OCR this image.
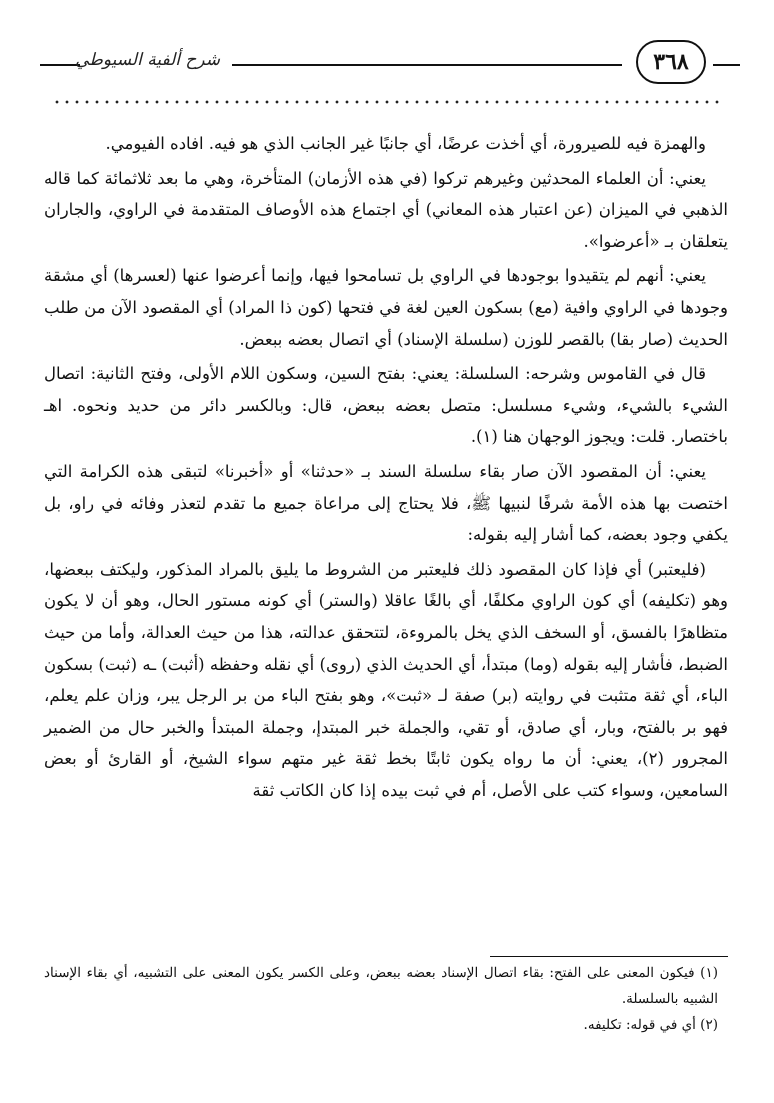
شرح ألفية السيوطي	٣٦٨

والهمزة فيه للصيرورة، أي أخذت عرضًا، أي جانبًا غير الجانب الذي هو فيه. افاده الفيومي.

يعني: أن العلماء المحدثين وغيرهم تركوا (في هذه الأزمان) المتأخرة، وهي ما بعد ثلاثمائة كما قاله الذهبي في الميزان (عن اعتبار هذه المعاني) أي اجتماع هذه الأوصاف المتقدمة في الراوي، والجاران يتعلقان بـ «أعرضوا».

يعني: أنهم لم يتقيدوا بوجودها في الراوي بل تسامحوا فيها، وإنما أعرضوا عنها (لعسرها) أي مشقة وجودها في الراوي وافية (مع) بسكون العين لغة في فتحها (كون ذا المراد) أي المقصود الآن من طلب الحديث (صار بقا) بالقصر للوزن (سلسلة الإسناد) أي اتصال بعضه ببعض.

قال في القاموس وشرحه: السلسلة: يعني: بفتح السين، وسكون اللام الأولى، وفتح الثانية: اتصال الشيء بالشيء، وشيء مسلسل: متصل بعضه ببعض، قال: وبالكسر دائر من حديد ونحوه. اهـ باختصار. قلت: ويجوز الوجهان هنا (١).

يعني: أن المقصود الآن صار بقاء سلسلة السند بـ «حدثنا» أو «أخبرنا» لتبقى هذه الكرامة التي اختصت بها هذه الأمة شرفًا لنبيها ﷺ، فلا يحتاج إلى مراعاة جميع ما تقدم لتعذر وفائه في راو، بل يكفي وجود بعضه، كما أشار إليه بقوله:

(فليعتبر) أي فإذا كان المقصود ذلك فليعتبر من الشروط ما يليق بالمراد المذكور، وليكتف ببعضها، وهو (تكليفه) أي كون الراوي مكلفًا، أي بالغًا عاقلا (والستر) أي كونه مستور الحال، وهو أن لا يكون متظاهرًا بالفسق، أو السخف الذي يخل بالمروءة، لتتحقق عدالته، هذا من حيث العدالة، وأما من حيث الضبط، فأشار إليه بقوله (وما) مبتدأ، أي الحديث الذي (روى) أي نقله وحفظه (أثبت) ـه (ثبت) بسكون الباء، أي ثقة متثبت في روايته (بر) صفة لـ «ثبت»، وهو بفتح الباء من بر الرجل يبر، وزان علم يعلم، فهو بر بالفتح، وبار، أي صادق، أو تقي، والجملة خبر المبتدإ، وجملة المبتدأ والخبر حال من الضمير المجرور (٢)، يعني: أن ما رواه يكون ثابتًا بخط ثقة غير متهم سواء الشيخ، أو القارئ أو بعض السامعين، وسواء كتب على الأصل، أم في ثبت بيده إذا كان الكاتب ثقة

(١) فيكون المعنى على الفتح: بقاء اتصال الإسناد بعضه ببعض، وعلى الكسر يكون المعنى على التشبيه، أي بقاء الإسناد الشبيه بالسلسلة.

(٢) أي في قوله: تكليفه.
